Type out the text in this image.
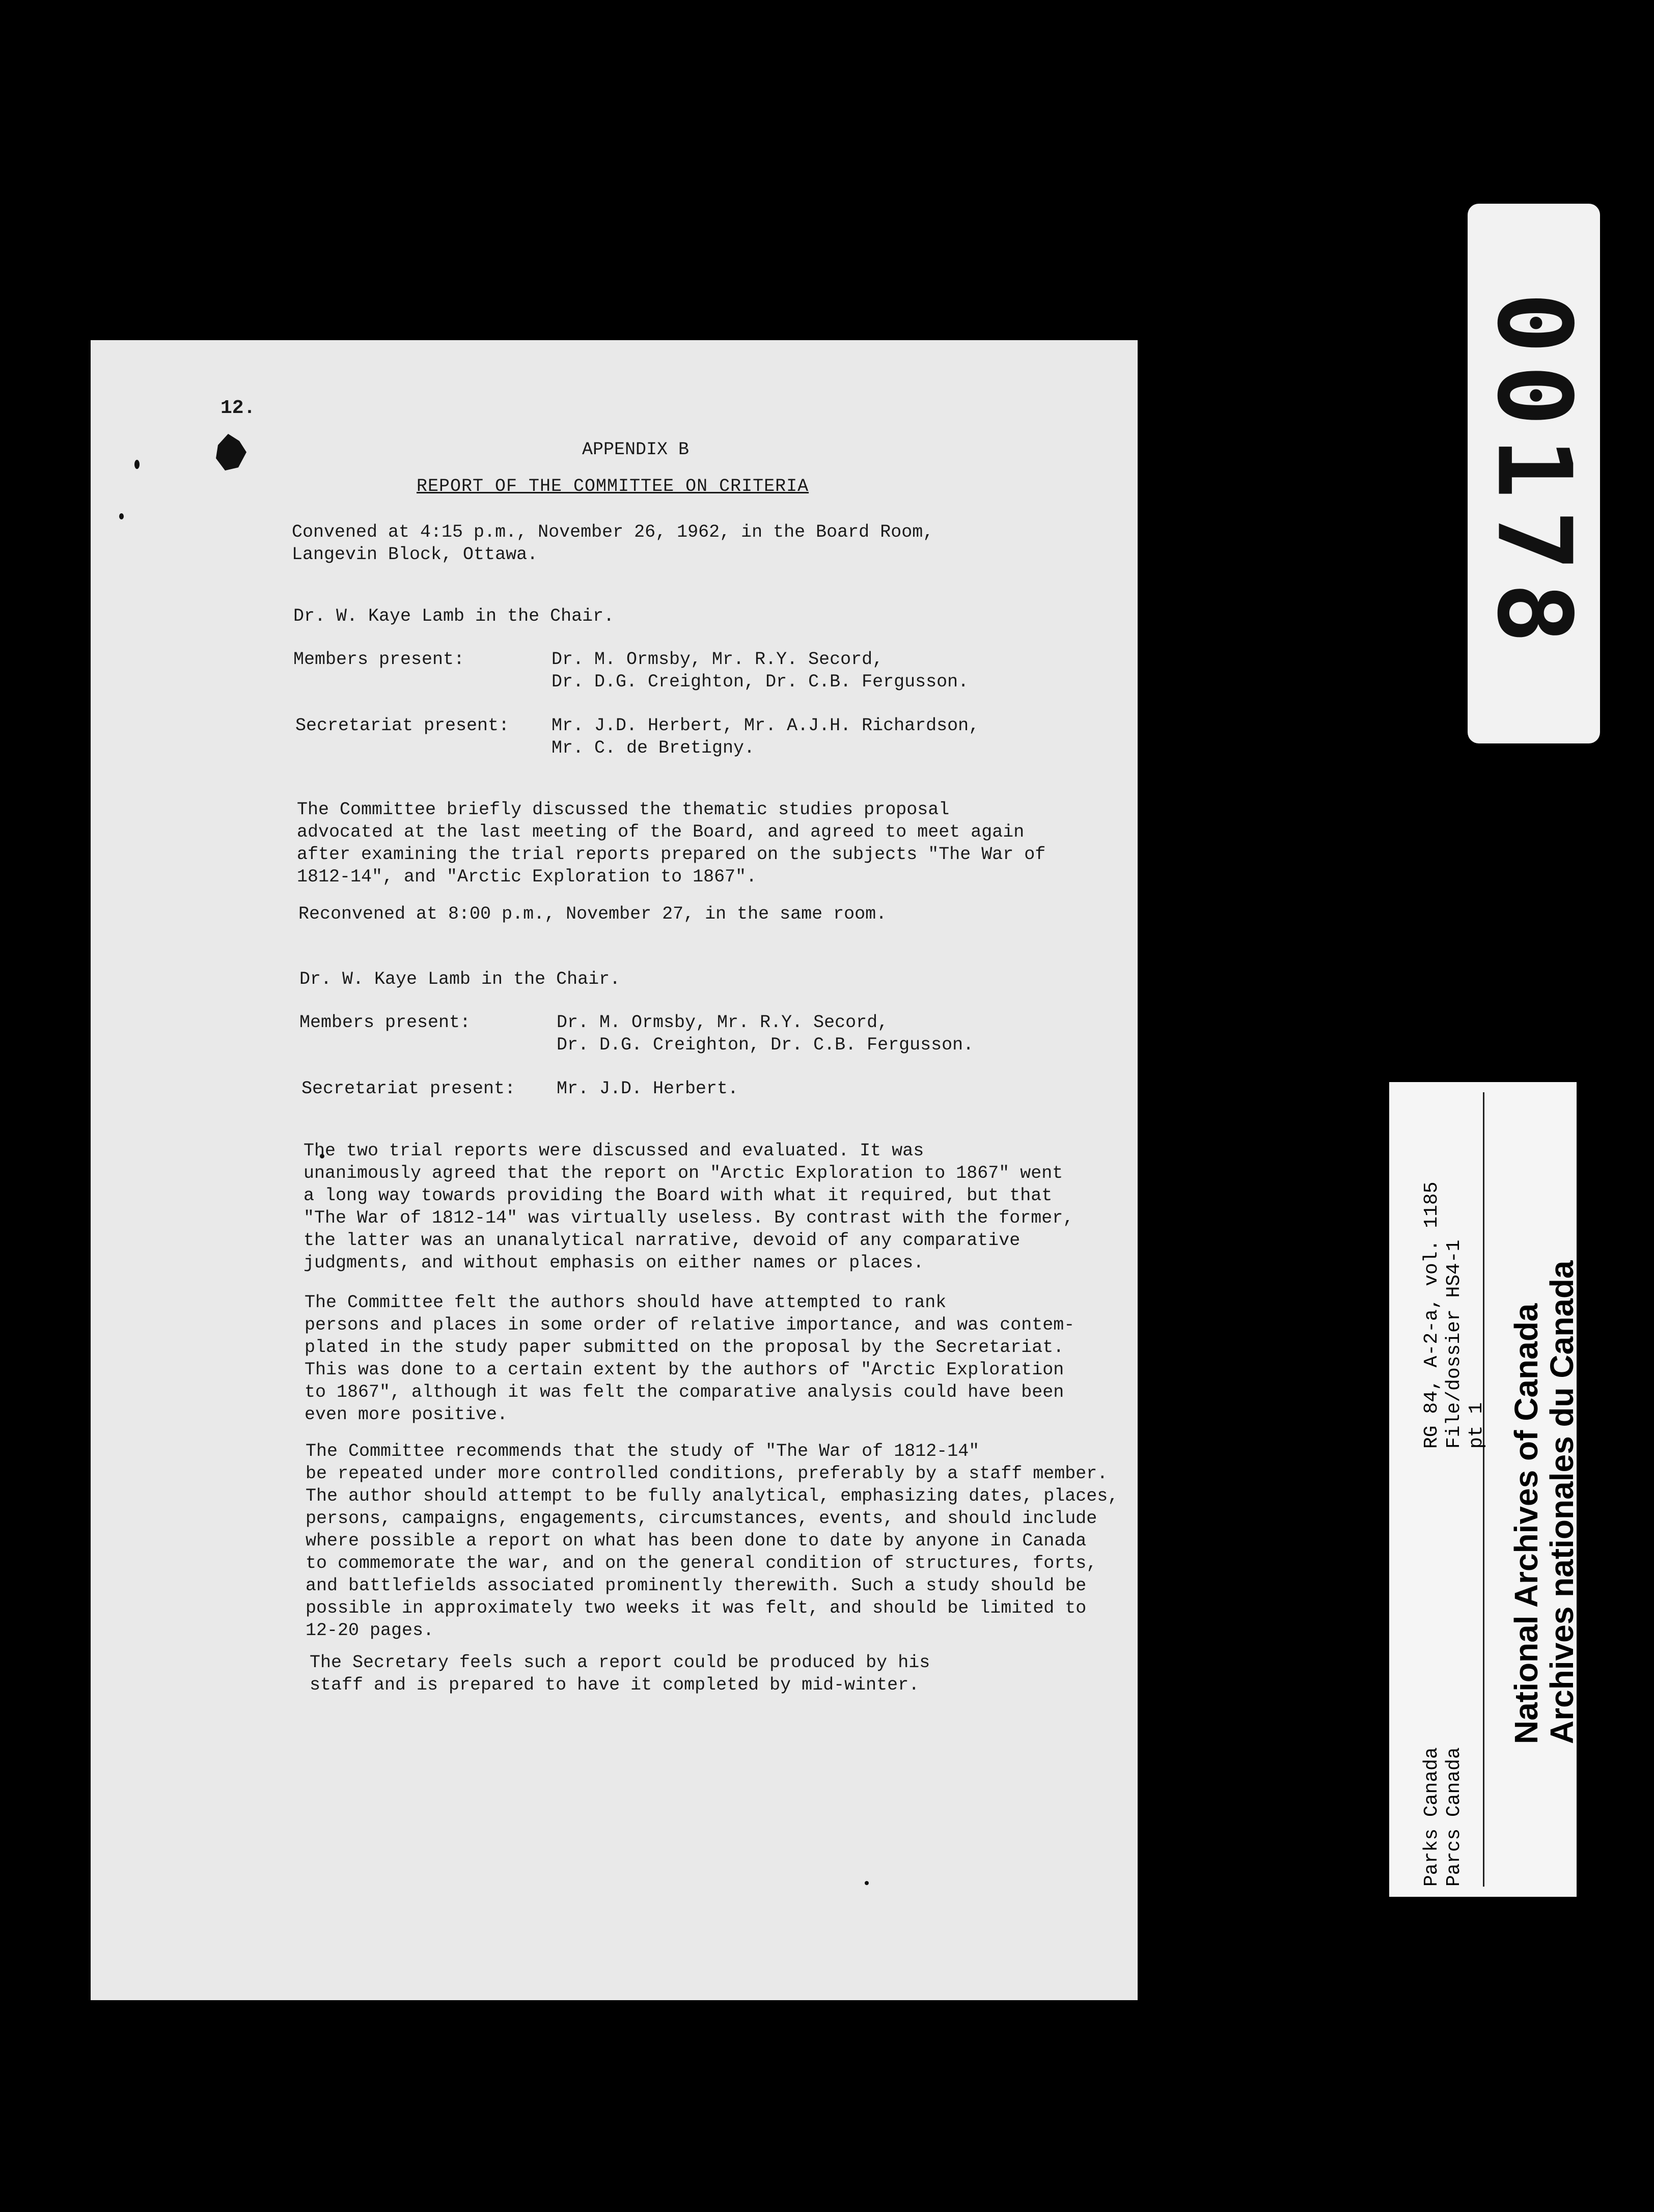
12.
APPENDIX B
REPORT OF THE COMMITTEE ON CRITERIA
Convened at 4:15 p.m., November 26, 1962, in the Board Room,
Langevin Block, Ottawa.
Dr. W. Kaye Lamb in the Chair.
Members present:	Dr. M. Ormsby, Mr. R.Y. Secord,
Dr. D.G. Creighton, Dr. C.B. Fergusson.
Secretariat present: Mr. J.D. Herbert, Mr. A.J.H. Richardson,
Mr. C. de Bretigny.
The Committee briefly discussed the thematic studies proposal
advocated at the last meeting of the Board, and agreed to meet again
after examining the trial reports prepared on the subjects "The War of
1812-14", and "Arctic Exploration to 1867".
Reconvened at 8:00 p.m., November 27, in the same room.
Dr. W. Kaye Lamb in the Chair.
Members present:	Dr. M. Ormsby, Mr. R.Y. Secord,
Dr. D.G. Creighton, Dr. C.B. Fergusson.
Secretariat present: Mr. J.D. Herbert.
The two trial reports were discussed and evaluated. It was
unanimously agreed that the report on "Arctic Exploration to 1867" went
a long way towards providing the Board with what it required, but that
"The War of 1812-14" was virtually useless. By contrast with the former,
the latter was an unanalytical narrative, devoid of any comparative
judgments, and without emphasis on either names or places.
The Committee felt the authors should have attempted to rank
persons and places in some order of relative importance, and was contem-
plated in the study paper submitted on the proposal by the Secretariat.
This was done to a certain extent by the authors of "Arctic Exploration
to 1867", although it was felt the comparative analysis could have been
even more positive.
The Committee recommends that the study of "The War of 1812-14"
be repeated under more controlled conditions, preferably by a staff member.
The author should attempt to be fully analytical, emphasizing dates, places,
persons, campaigns, engagements, circumstances, events, and should include
where possible a report on what has been done to date by anyone in Canada
to commemorate the war, and on the general condition of structures, forts,
and battlefields associated prominently therewith. Such a study should be
possible in approximately two weeks it was felt, and should be limited to
12-20 pages.
The Secretary feels such a report could be produced by his
staff and is prepared to have it completed by mid-winter.
00178
RG 84, A-2-a, vol. 1185 File/dossier HS4-1 pt 1
Parks Canada Parcs Canada
National Archives of Canada
Archives nationales du Canada
